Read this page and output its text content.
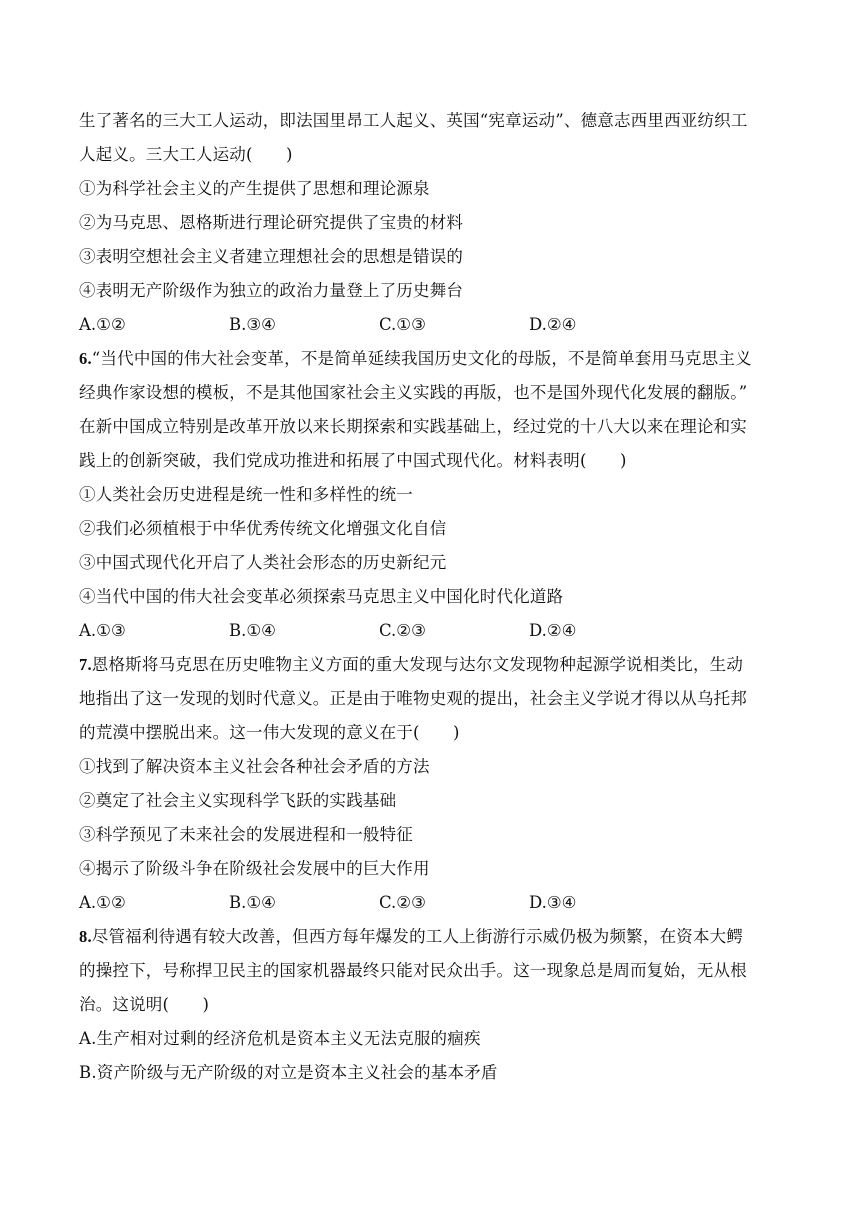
生了著名的三大工人运动，即法国里昂工人起义、英国“宪章运动”、德意志西里西亚纺织工
人起义。三大工人运动(　　)
①为科学社会主义的产生提供了思想和理论源泉
②为马克思、恩格斯进行理论研究提供了宝贵的材料
③表明空想社会主义者建立理想社会的思想是错误的
④表明无产阶级作为独立的政治力量登上了历史舞台
A.①②	B.③④	C.①③	D.②④
6.“当代中国的伟大社会变革，不是简单延续我国历史文化的母版，不是简单套用马克思主义
经典作家设想的模板，不是其他国家社会主义实践的再版，也不是国外现代化发展的翻版。”
在新中国成立特别是改革开放以来长期探索和实践基础上，经过党的十八大以来在理论和实
践上的创新突破，我们党成功推进和拓展了中国式现代化。材料表明(　　)
①人类社会历史进程是统一性和多样性的统一
②我们必须植根于中华优秀传统文化增强文化自信
③中国式现代化开启了人类社会形态的历史新纪元
④当代中国的伟大社会变革必须探索马克思主义中国化时代化道路
A.①③	B.①④	C.②③	D.②④
7.恩格斯将马克思在历史唯物主义方面的重大发现与达尔文发现物种起源学说相类比，生动
地指出了这一发现的划时代意义。正是由于唯物史观的提出，社会主义学说才得以从乌托邦
的荒漠中摆脱出来。这一伟大发现的意义在于(　　)
①找到了解决资本主义社会各种社会矛盾的方法
②奠定了社会主义实现科学飞跃的实践基础
③科学预见了未来社会的发展进程和一般特征
④揭示了阶级斗争在阶级社会发展中的巨大作用
A.①②	B.①④	C.②③	D.③④
8.尽管福利待遇有较大改善，但西方每年爆发的工人上街游行示威仍极为频繁，在资本大鳄
的操控下，号称捍卫民主的国家机器最终只能对民众出手。这一现象总是周而复始，无从根
治。这说明(　　)
A.生产相对过剩的经济危机是资本主义无法克服的痼疾
B.资产阶级与无产阶级的对立是资本主义社会的基本矛盾
